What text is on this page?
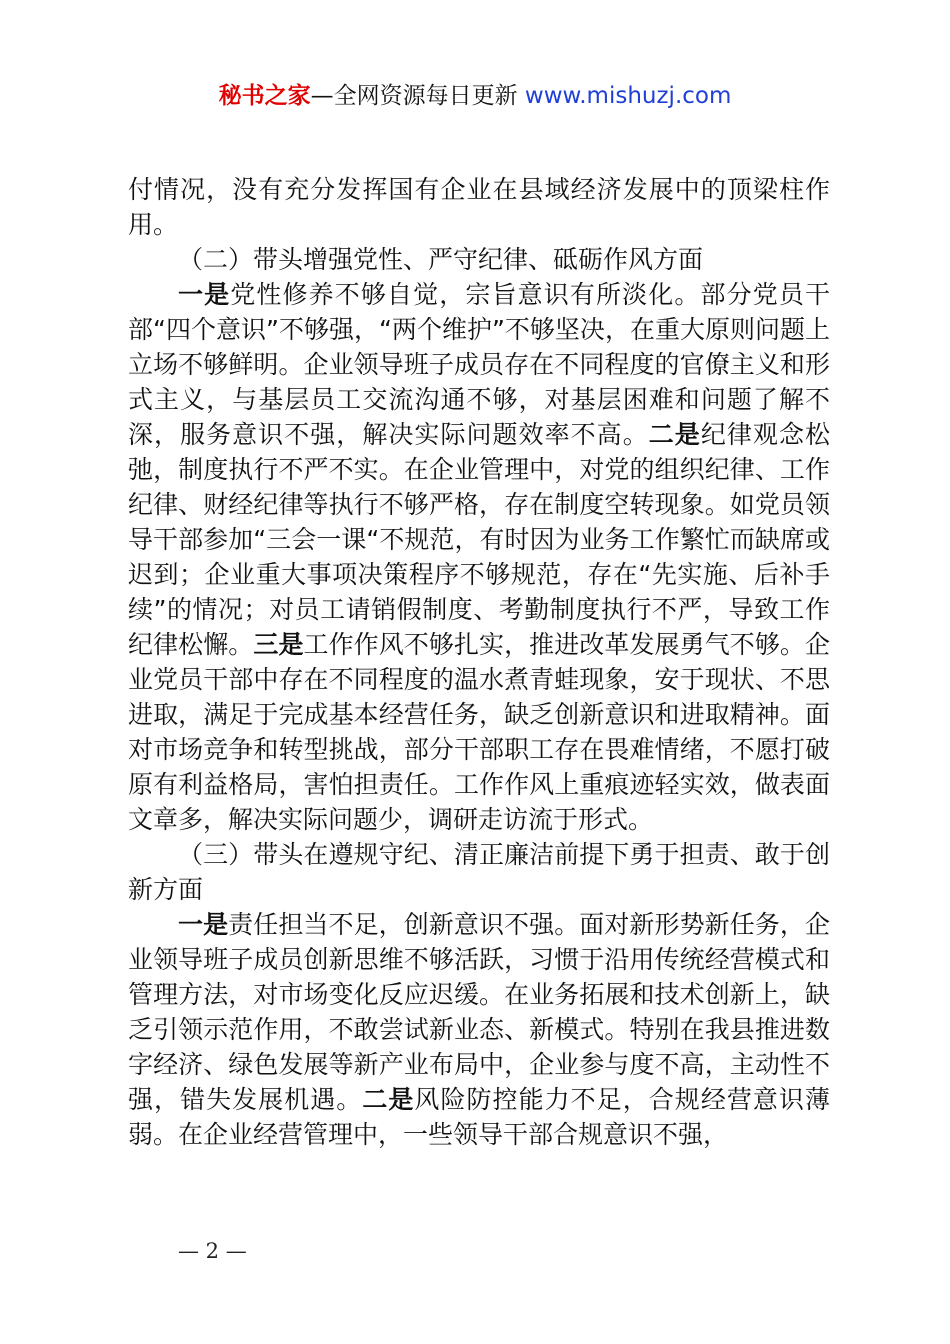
秘书之家—全网资源每日更新 www.mishuzj.com

付情况，没有充分发挥国有企业在县域经济发展中的顶梁柱作用。

（二）带头增强党性、严守纪律、砥砺作风方面

一是党性修养不够自觉，宗旨意识有所淡化。部分党员干部“四个意识”不够强，“两个维护”不够坚决，在重大原则问题上立场不够鲜明。企业领导班子成员存在不同程度的官僚主义和形式主义，与基层员工交流沟通不够，对基层困难和问题了解不深，服务意识不强，解决实际问题效率不高。二是纪律观念松弛，制度执行不严不实。在企业管理中，对党的组织纪律、工作纪律、财经纪律等执行不够严格，存在制度空转现象。如党员领导干部参加“三会一课“不规范，有时因为业务工作繁忙而缺席或迟到；企业重大事项决策程序不够规范，存在“先实施、后补手续”的情况；对员工请销假制度、考勤制度执行不严，导致工作纪律松懈。三是工作作风不够扎实，推进改革发展勇气不够。企业党员干部中存在不同程度的温水煮青蛙现象，安于现状、不思进取，满足于完成基本经营任务，缺乏创新意识和进取精神。面对市场竞争和转型挑战，部分干部职工存在畏难情绪，不愿打破原有利益格局，害怕担责任。工作作风上重痕迹轻实效，做表面文章多，解决实际问题少，调研走访流于形式。

（三）带头在遵规守纪、清正廉洁前提下勇于担责、敢于创新方面

一是责任担当不足，创新意识不强。面对新形势新任务，企业领导班子成员创新思维不够活跃，习惯于沿用传统经营模式和管理方法，对市场变化反应迟缓。在业务拓展和技术创新上，缺乏引领示范作用，不敢尝试新业态、新模式。特别在我县推进数字经济、绿色发展等新产业布局中，企业参与度不高，主动性不强，错失发展机遇。二是风险防控能力不足，合规经营意识薄弱。在企业经营管理中，一些领导干部合规意识不强，

— 2 —
